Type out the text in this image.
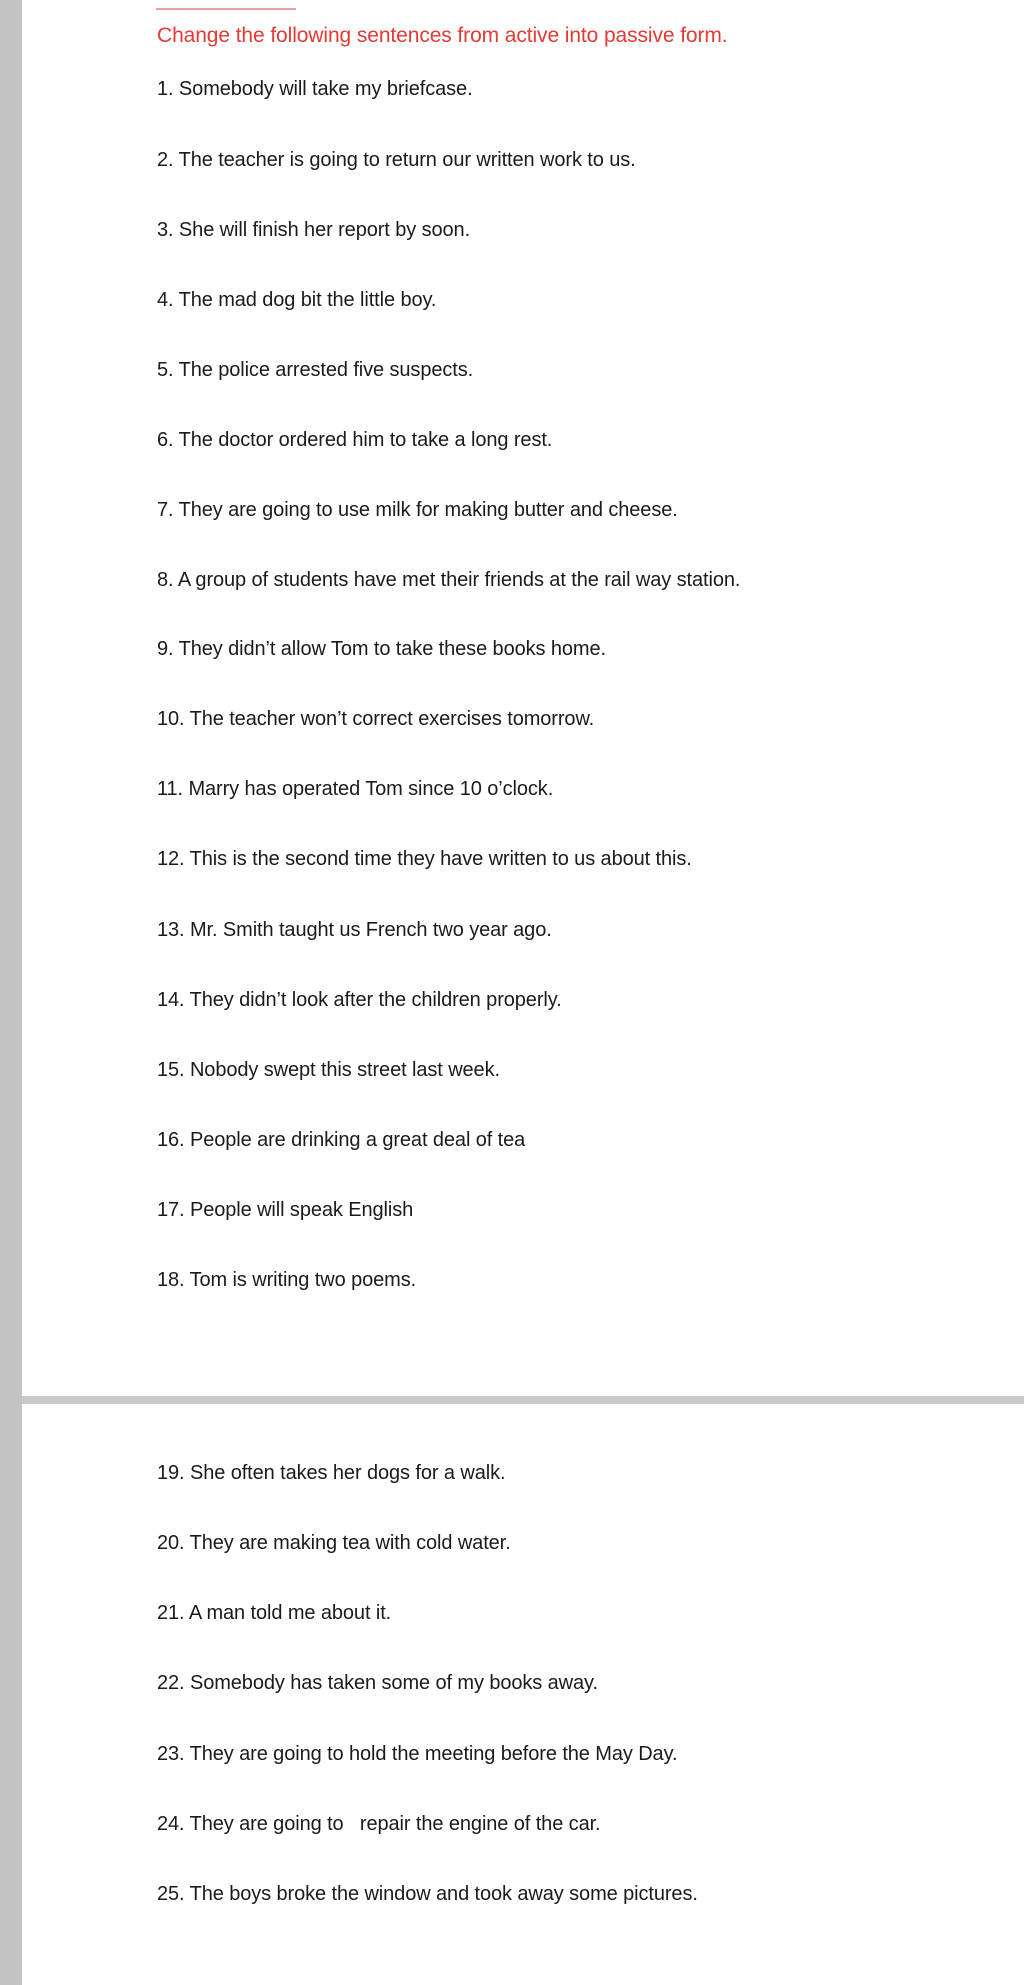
Change the following sentences from active into passive form.

1. Somebody will take my briefcase.

2. The teacher is going to return our written work to us.

3. She will finish her report by soon.

4. The mad dog bit the little boy.

5. The police arrested five suspects.

6. The doctor ordered him to take a long rest.

7. They are going to use milk for making butter and cheese.

8. A group of students have met their friends at the rail way station.

9. They didn’t allow Tom to take these books home.

10. The teacher won’t correct exercises tomorrow.

11. Marry has operated Tom since 10 o’clock.

12. This is the second time they have written to us about this.

13. Mr. Smith taught us French two year ago.

14. They didn’t look after the children properly.

15. Nobody swept this street last week.

16. People are drinking a great deal of tea

17. People will speak English

18. Tom is writing two poems.

19. She often takes her dogs for a walk.

20. They are making tea with cold water.

21. A man told me about it.

22. Somebody has taken some of my books away.

23. They are going to hold the meeting before the May Day.

24. They are going to   repair the engine of the car.

25. The boys broke the window and took away some pictures.
